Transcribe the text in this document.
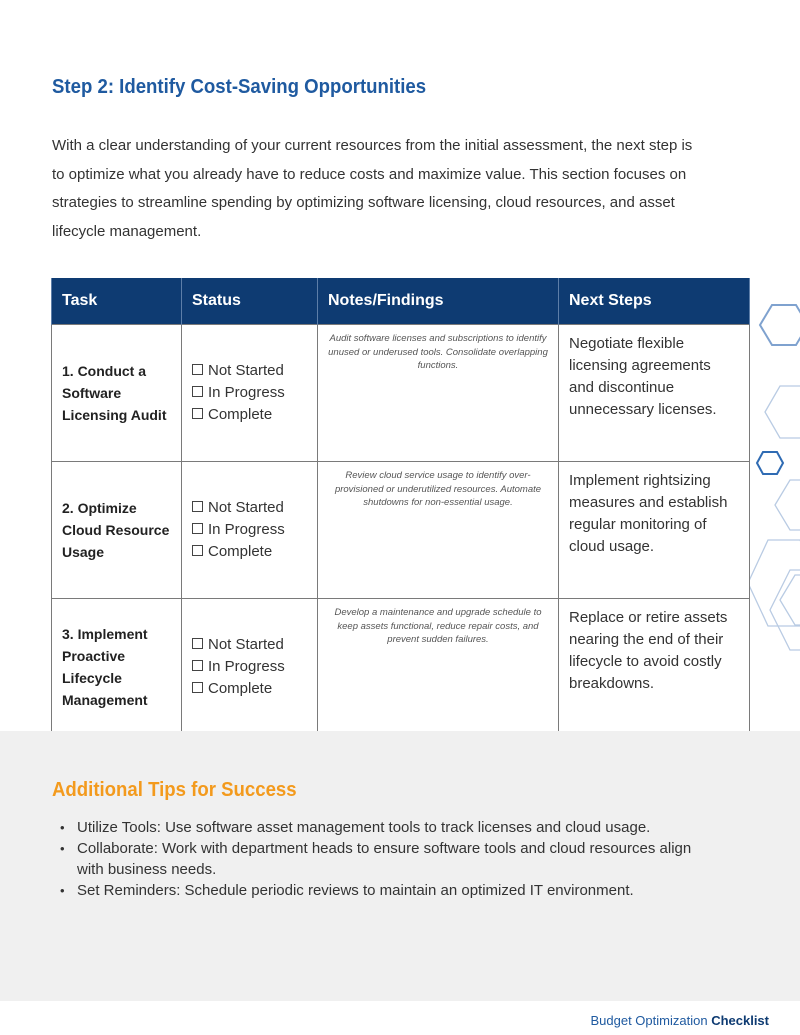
Step 2: Identify Cost-Saving Opportunities

With a clear understanding of your current resources from the initial assessment, the next step is to optimize what you already have to reduce costs and maximize value. This section focuses on strategies to streamline spending by optimizing software licensing, cloud resources, and asset lifecycle management.

Task	Status	Notes/Findings	Next Steps
1. Conduct a Software Licensing Audit	Not Started
In Progress
Complete	Audit software licenses and subscriptions to identify unused or underused tools. Consolidate overlapping functions.	Negotiate flexible licensing agreements and discontinue unnecessary licenses.
2. Optimize Cloud Resource Usage	Not Started
In Progress
Complete	Review cloud service usage to identify over-provisioned or underutilized resources. Automate shutdowns for non-essential usage.	Implement rightsizing measures and establish regular monitoring of cloud usage.
3. Implement Proactive Lifecycle Management	Not Started
In Progress
Complete	Develop a maintenance and upgrade schedule to keep assets functional, reduce repair costs, and prevent sudden failures.	Replace or retire assets nearing the end of their lifecycle to avoid costly breakdowns.
Additional Tips for Success
• Utilize Tools: Use software asset management tools to track licenses and cloud usage.
• Collaborate: Work with department heads to ensure software tools and cloud resources align with business needs.
• Set Reminders: Schedule periodic reviews to maintain an optimized IT environment.
Budget Optimization Checklist
